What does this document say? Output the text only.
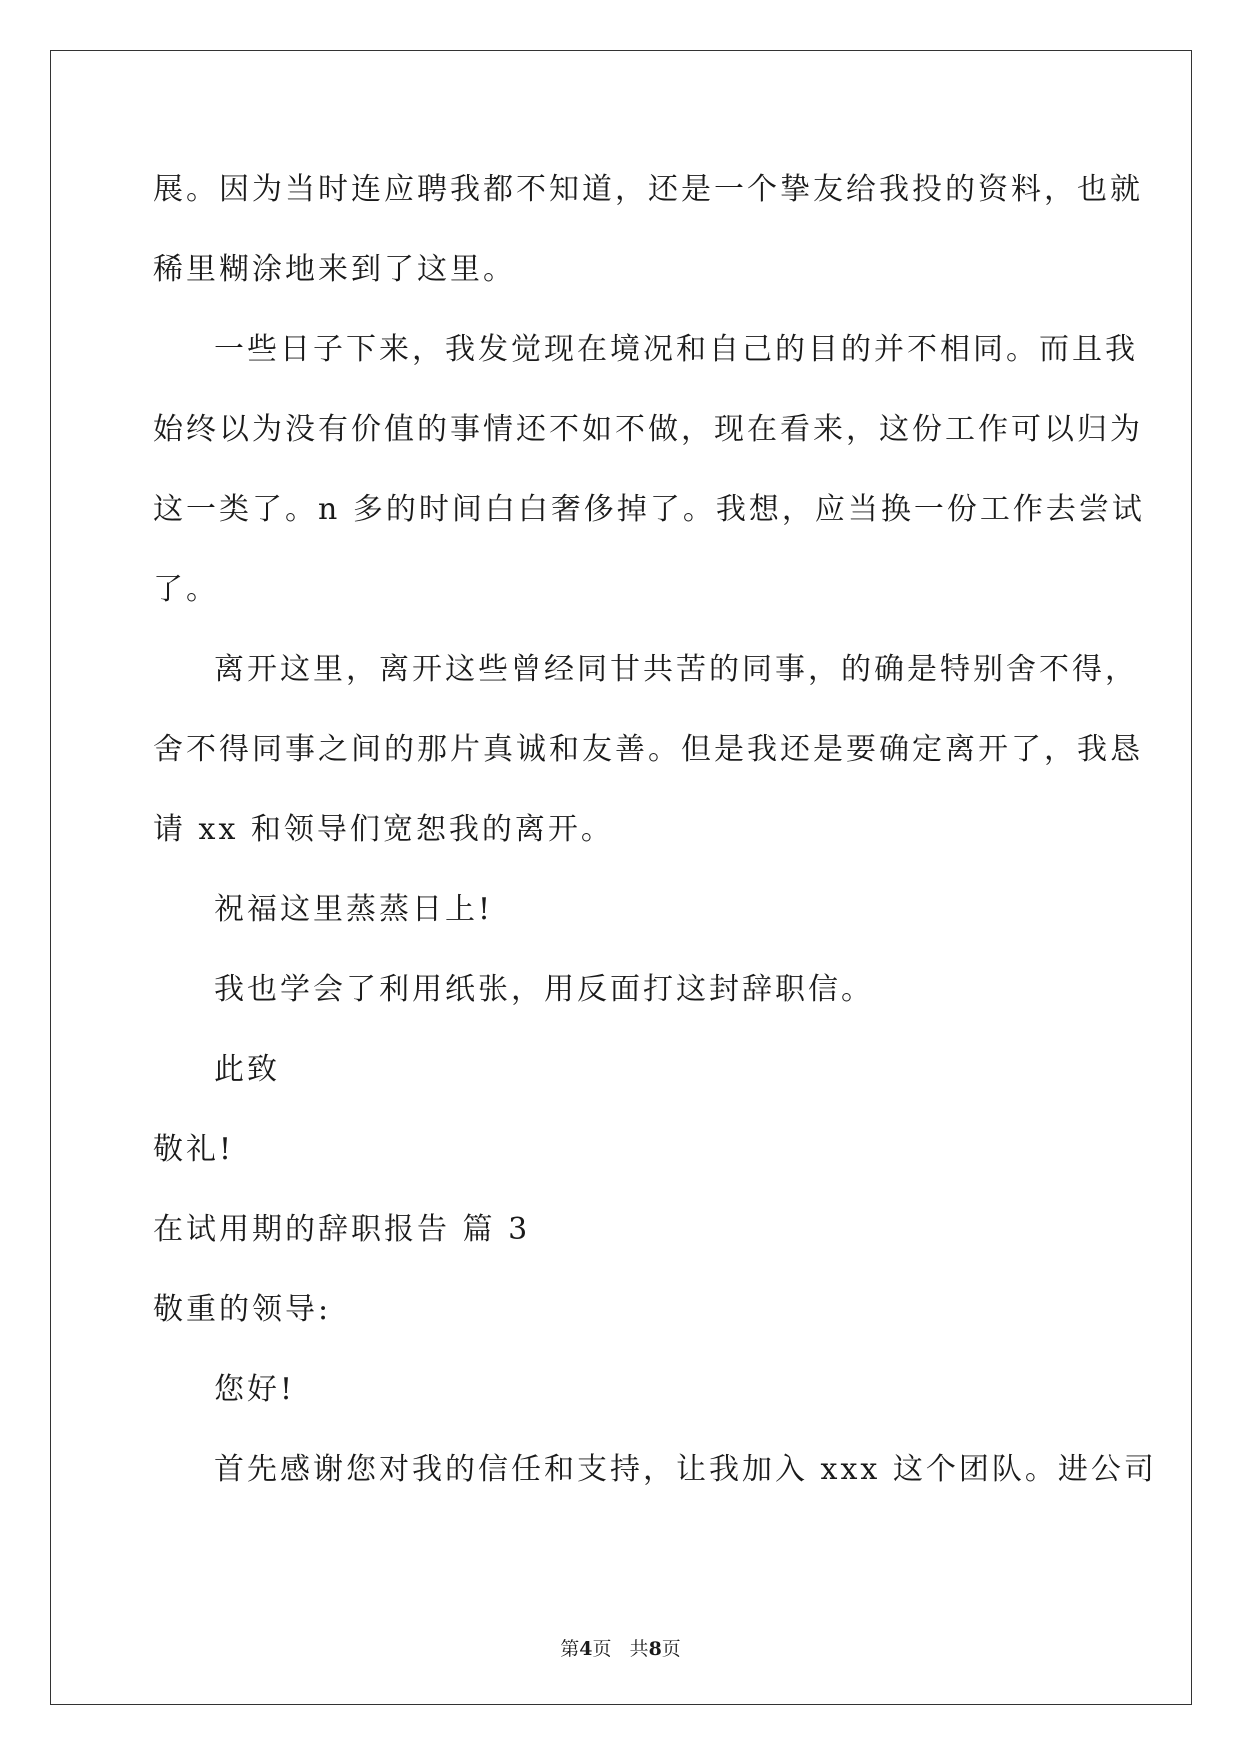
展。因为当时连应聘我都不知道，还是一个挚友给我投的资料，也就
稀里糊涂地来到了这里。
一些日子下来，我发觉现在境况和自己的目的并不相同。而且我
始终以为没有价值的事情还不如不做，现在看来，这份工作可以归为
这一类了。n 多的时间白白奢侈掉了。我想，应当换一份工作去尝试
了。
离开这里，离开这些曾经同甘共苦的同事，的确是特别舍不得，
舍不得同事之间的那片真诚和友善。但是我还是要确定离开了，我恳
请 xx 和领导们宽恕我的离开。
祝福这里蒸蒸日上!
我也学会了利用纸张，用反面打这封辞职信。
此致
敬礼!
在试用期的辞职报告 篇 3
敬重的领导:
您好!
首先感谢您对我的信任和支持，让我加入 xxx 这个团队。进公司
第4页   共8页
